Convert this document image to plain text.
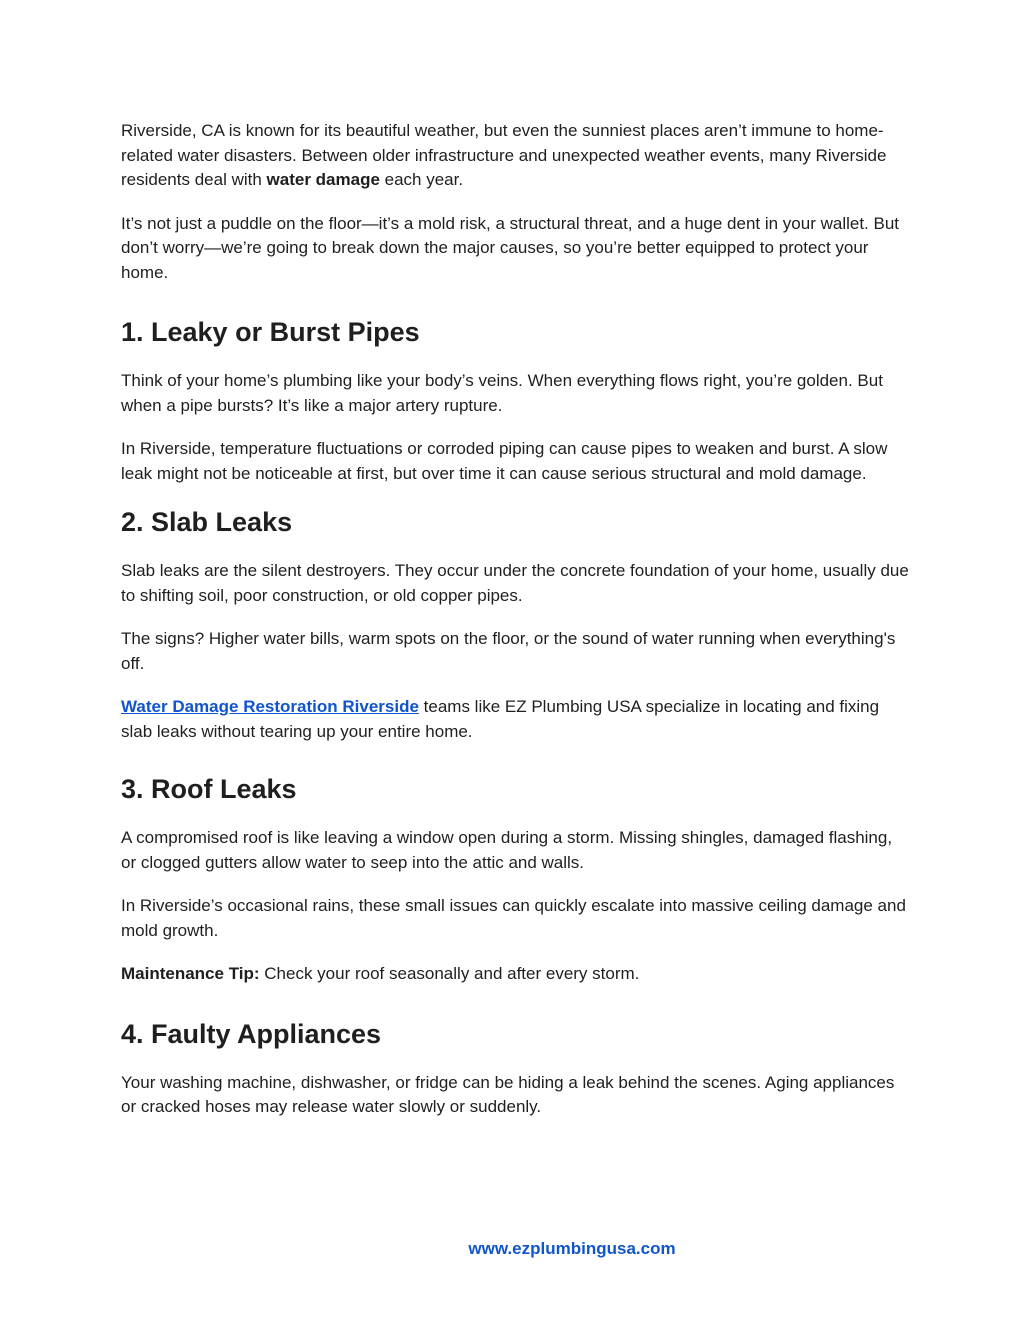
Riverside, CA is known for its beautiful weather, but even the sunniest places aren’t immune to home-related water disasters. Between older infrastructure and unexpected weather events, many Riverside residents deal with water damage each year.

It’s not just a puddle on the floor—it’s a mold risk, a structural threat, and a huge dent in your wallet. But don’t worry—we’re going to break down the major causes, so you’re better equipped to protect your home.

1. Leaky or Burst Pipes

Think of your home’s plumbing like your body’s veins. When everything flows right, you’re golden. But when a pipe bursts? It’s like a major artery rupture.

In Riverside, temperature fluctuations or corroded piping can cause pipes to weaken and burst. A slow leak might not be noticeable at first, but over time it can cause serious structural and mold damage.

2. Slab Leaks

Slab leaks are the silent destroyers. They occur under the concrete foundation of your home, usually due to shifting soil, poor construction, or old copper pipes.

The signs? Higher water bills, warm spots on the floor, or the sound of water running when everything's off.

Water Damage Restoration Riverside teams like EZ Plumbing USA specialize in locating and fixing slab leaks without tearing up your entire home.

3. Roof Leaks

A compromised roof is like leaving a window open during a storm. Missing shingles, damaged flashing, or clogged gutters allow water to seep into the attic and walls.

In Riverside’s occasional rains, these small issues can quickly escalate into massive ceiling damage and mold growth.

Maintenance Tip: Check your roof seasonally and after every storm.

4. Faulty Appliances

Your washing machine, dishwasher, or fridge can be hiding a leak behind the scenes. Aging appliances or cracked hoses may release water slowly or suddenly.

www.ezplumbingusa.com
